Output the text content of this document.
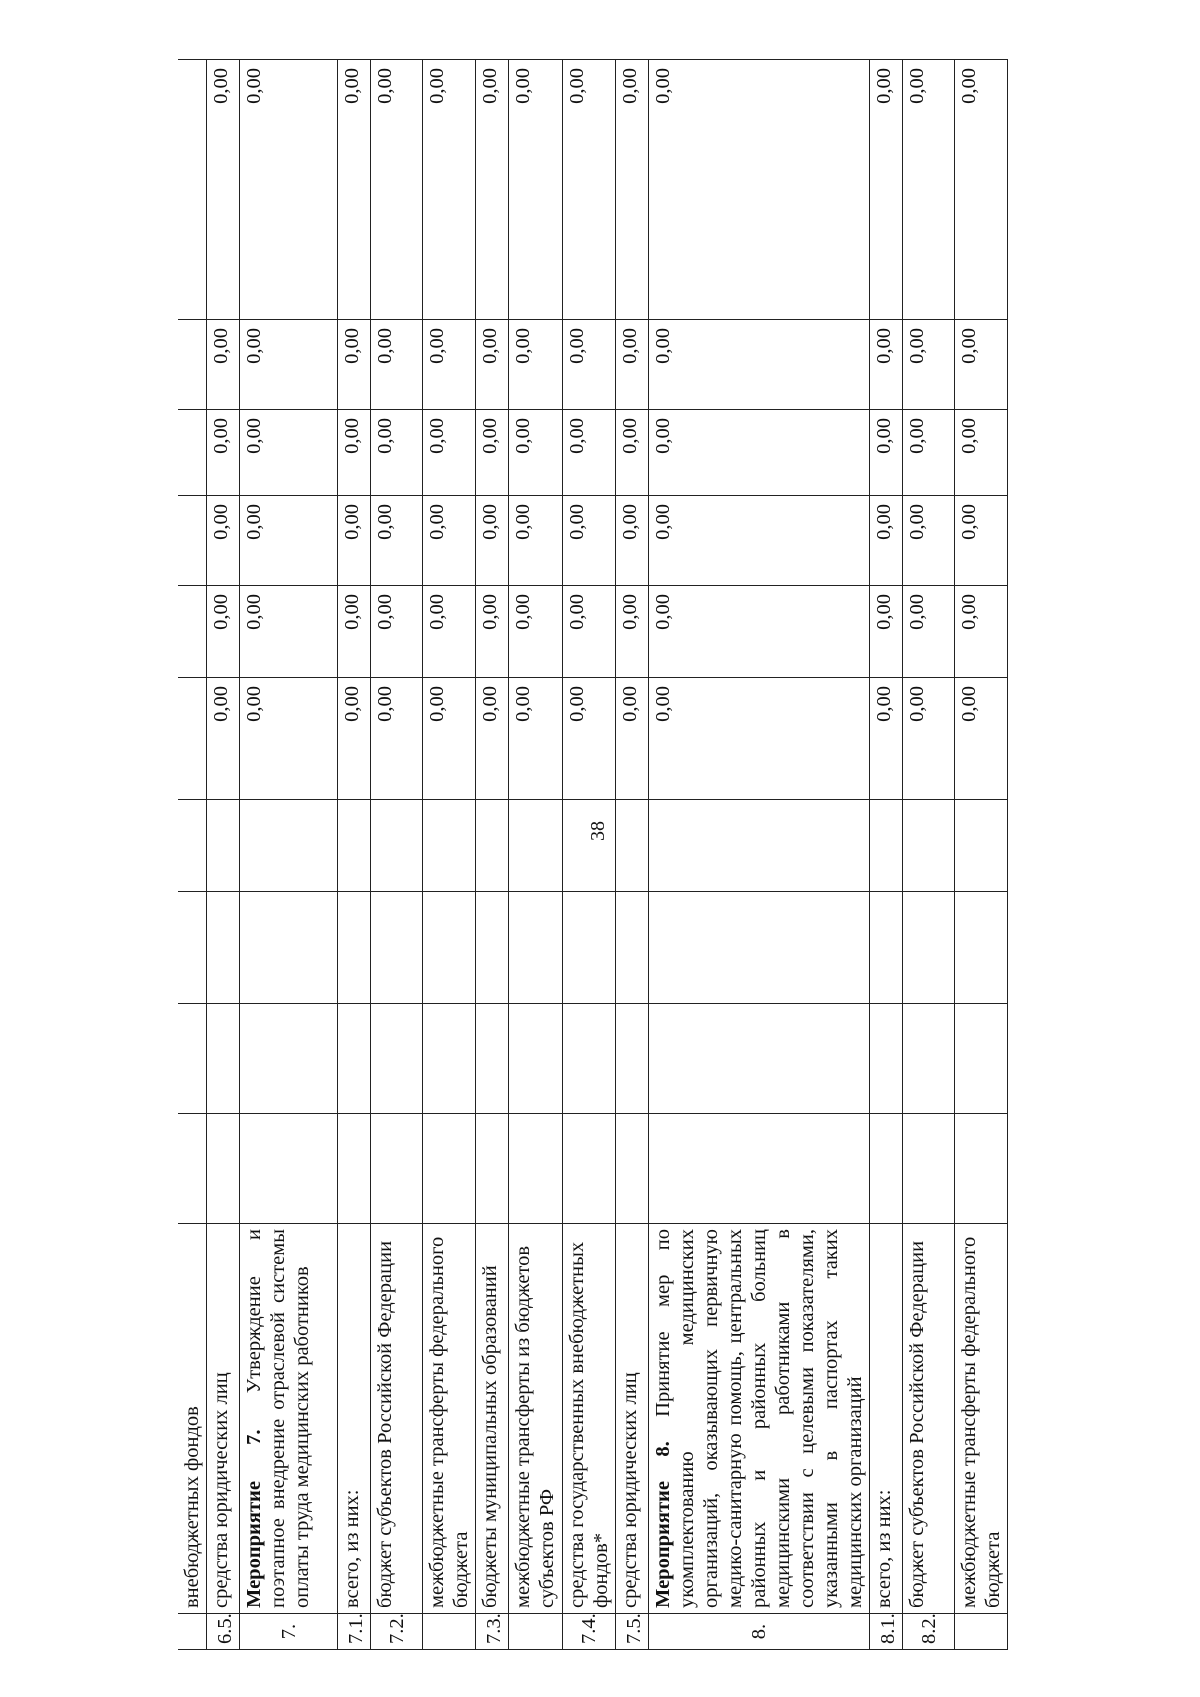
38
	внебюджетных фондов										
6.5.	средства юридических лиц					0,00	0,00	0,00	0,00	0,00	0,00
7.	Мероприятие 7. Утверждение и поэтапное внедрение отраслевой системы оплаты труда медицинских работников					0,00	0,00	0,00	0,00	0,00	0,00
7.1.	всего, из них:					0,00	0,00	0,00	0,00	0,00	0,00
7.2.	бюджет субъектов Российской Федерации					0,00	0,00	0,00	0,00	0,00	0,00
	межбюджетные трансферты федерального бюджета					0,00	0,00	0,00	0,00	0,00	0,00
7.3.	бюджеты муниципальных образований					0,00	0,00	0,00	0,00	0,00	0,00
	межбюджетные трансферты из бюджетов субъектов РФ					0,00	0,00	0,00	0,00	0,00	0,00
7.4.	средства государственных внебюджетных фондов*					0,00	0,00	0,00	0,00	0,00	0,00
7.5.	средства юридических лиц					0,00	0,00	0,00	0,00	0,00	0,00
8.	Мероприятие 8. Принятие мер по укомплектованию медицинских организаций, оказывающих первичную медико-санитарную помощь, центральных районных и районных больниц медицинскими работниками в соответствии с целевыми показателями, указанными в паспортах таких медицинских организаций					0,00	0,00	0,00	0,00	0,00	0,00
8.1.	всего, из них:					0,00	0,00	0,00	0,00	0,00	0,00
8.2.	бюджет субъектов Российской Федерации					0,00	0,00	0,00	0,00	0,00	0,00
	межбюджетные трансферты федерального бюджета					0,00	0,00	0,00	0,00	0,00	0,00
